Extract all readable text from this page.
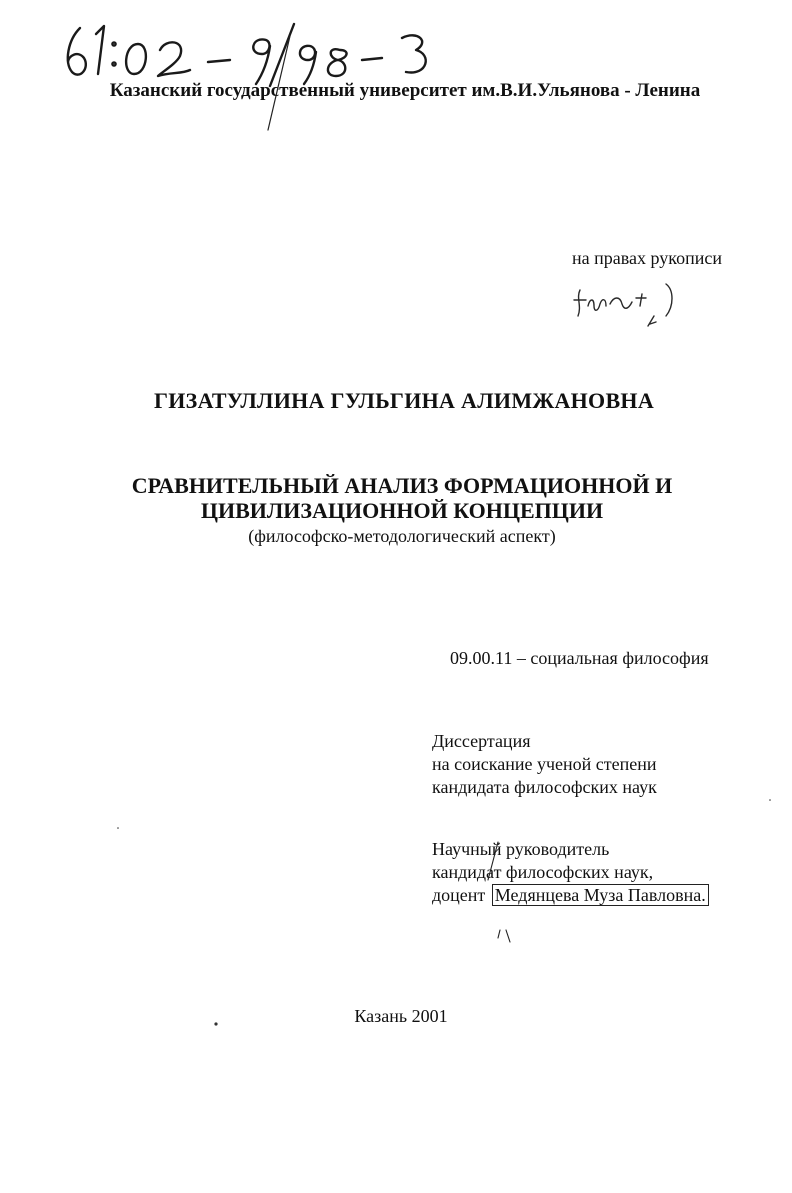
Казанский государственный университет им.В.И.Ульянова - Ленина
на правах рукописи
ГИЗАТУЛЛИНА ГУЛЬГИНА АЛИМЖАНОВНА
СРАВНИТЕЛЬНЫЙ АНАЛИЗ ФОРМАЦИОННОЙ И
ЦИВИЛИЗАЦИОННОЙ КОНЦЕПЦИИ
(философско-методологический аспект)
09.00.11 – социальная философия
Диссертация
на соискание ученой степени
кандидата философских наук
Научный руководитель
кандидат философских наук,
доцент Медянцева Муза Павловна.
Казань 2001
